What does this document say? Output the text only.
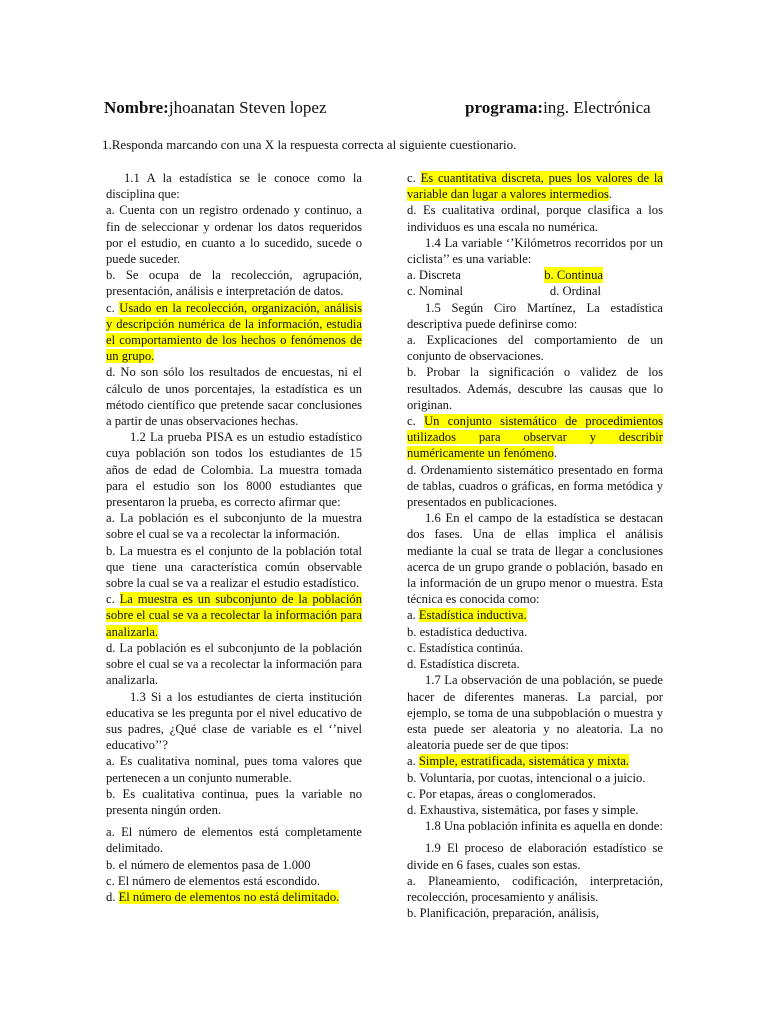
Nombre:jhoanatan Steven lopez	programa:ing. Electrónica
1.Responda marcando con una X la respuesta correcta al siguiente cuestionario.

1.1 A la estadística se le conoce como la disciplina que:

a. Cuenta con un registro ordenado y continuo, a fin de seleccionar y ordenar los datos requeridos por el estudio, en cuanto a lo sucedido, sucede o puede suceder.

b. Se ocupa de la recolección, agrupación, presentación, análisis e interpretación de datos.

c. Usado en la recolección, organización, análisis y descripción numérica de la información, estudia el comportamiento de los hechos o fenómenos de un grupo.

d. No son sólo los resultados de encuestas, ni el cálculo de unos porcentajes, la estadística es un método científico que pretende sacar conclusiones a partir de unas observaciones hechas.

1.2 La prueba PISA es un estudio estadístico cuya población son todos los estudiantes de 15 años de edad de Colombia. La muestra tomada para el estudio son los 8000 estudiantes que presentaron la prueba, es correcto afirmar que:

a. La población es el subconjunto de la muestra sobre el cual se va a recolectar la información.

b. La muestra es el conjunto de la población total que tiene una característica común observable sobre la cual se va a realizar el estudio estadístico.

c. La muestra es un subconjunto de la población sobre el cual se va a recolectar la información para analizarla.

d. La población es el subconjunto de la población sobre el cual se va a recolectar la información para analizarla.

1.3 Si a los estudiantes de cierta institución educativa se les pregunta por el nivel educativo de sus padres, ¿Qué clase de variable es el ‘’nivel educativo’’?

a. Es cualitativa nominal, pues toma valores que pertenecen a un conjunto numerable.

b. Es cualitativa continua, pues la variable no presenta ningún orden.

a. El número de elementos está completamente delimitado.

b. el número de elementos pasa de 1.000

c. El número de elementos está escondido.

d. El número de elementos no está delimitado.

c. Es cuantitativa discreta, pues los valores de la variable dan lugar a valores intermedios.

d. Es cualitativa ordinal, porque clasifica a los individuos es una escala no numérica.

1.4 La variable ‘’Kilómetros recorridos por un ciclista’’ es una variable:

a. Discreta	b. Continua
c. Nominal	d. Ordinal

1.5 Según Ciro Martínez, La estadística descriptiva puede definirse como:

a. Explicaciones del comportamiento de un conjunto de observaciones.

b. Probar la significación o validez de los resultados. Además, descubre las causas que lo originan.

c. Un conjunto sistemático de procedimientos utilizados para observar y describir numéricamente un fenómeno.

d. Ordenamiento sistemático presentado en forma de tablas, cuadros o gráficas, en forma metódica y presentados en publicaciones.

1.6 En el campo de la estadística se destacan dos fases. Una de ellas implica el análisis mediante la cual se trata de llegar a conclusiones acerca de un grupo grande o población, basado en la información de un grupo menor o muestra. Esta técnica es conocida como:

a. Estadística inductiva.

b. estadística deductiva.

c. Estadística continúa.

d. Estadística discreta.

1.7 La observación de una población, se puede hacer de diferentes maneras. La parcial, por ejemplo, se toma de una subpoblación o muestra y esta puede ser aleatoria y no aleatoria. La no aleatoria puede ser de que tipos:

a. Simple, estratificada, sistemática y mixta.

b. Voluntaria, por cuotas, intencional o a juicio.

c. Por etapas, áreas o conglomerados.

d. Exhaustiva, sistemática, por fases y simple.

1.8 Una población infinita es aquella en donde:

1.9 El proceso de elaboración estadístico se divide en 6 fases, cuales son estas.

a. Planeamiento, codificación, interpretación, recolección, procesamiento y análisis.

b. Planificación, preparación, análisis,
